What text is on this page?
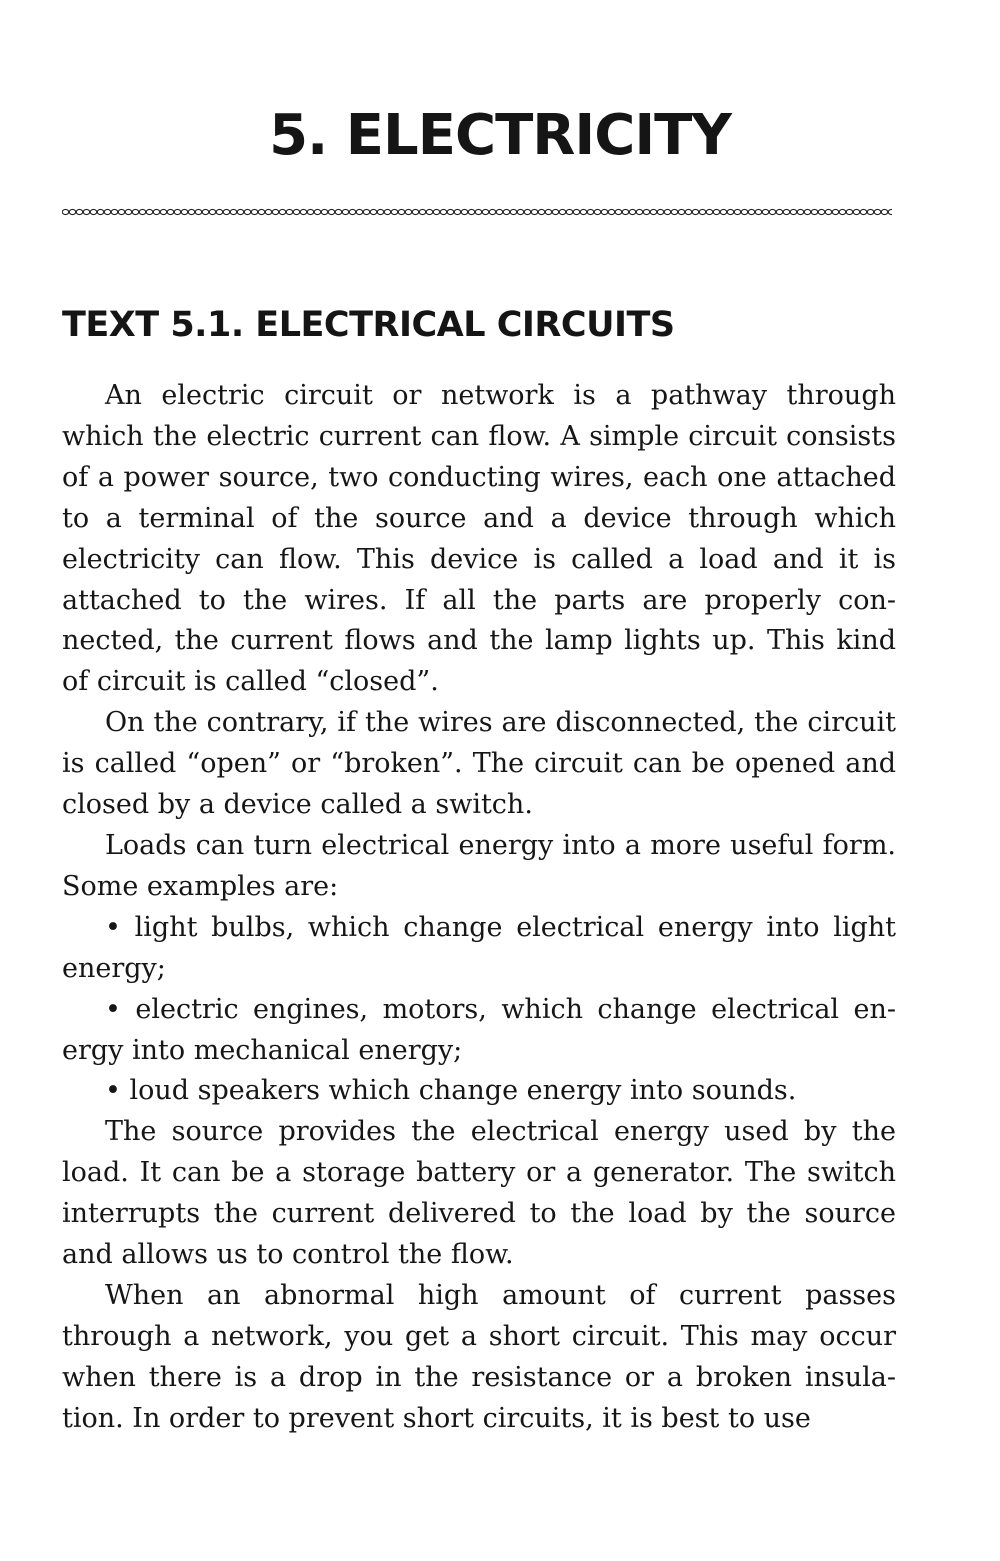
5. ELECTRICITY
TEXT 5.1. ELECTRICAL CIRCUITS

An electric circuit or network is a pathway through which the electric current can flow. A simple circuit consists of a power source, two conducting wires, each one attached to a terminal of the source and a device through which electricity can flow. This device is called a load and it is attached to the wires. If all the parts are properly connected, the current flows and the lamp lights up. This kind of circuit is called “closed”.

On the contrary, if the wires are disconnected, the circuit is called “open” or “broken”. The circuit can be opened and closed by a device called a switch.

Loads can turn electrical energy into a more useful form. Some examples are:

• light bulbs, which change electrical energy into light energy;

• electric engines, motors, which change electrical energy into mechanical energy;

• loud speakers which change energy into sounds.

The source provides the electrical energy used by the load. It can be a storage battery or a generator. The switch interrupts the current delivered to the load by the source and allows us to control the flow.

When an abnormal high amount of current passes through a network, you get a short circuit. This may occur when there is a drop in the resistance or a broken insulation. In order to prevent short circuits, it is best to use
